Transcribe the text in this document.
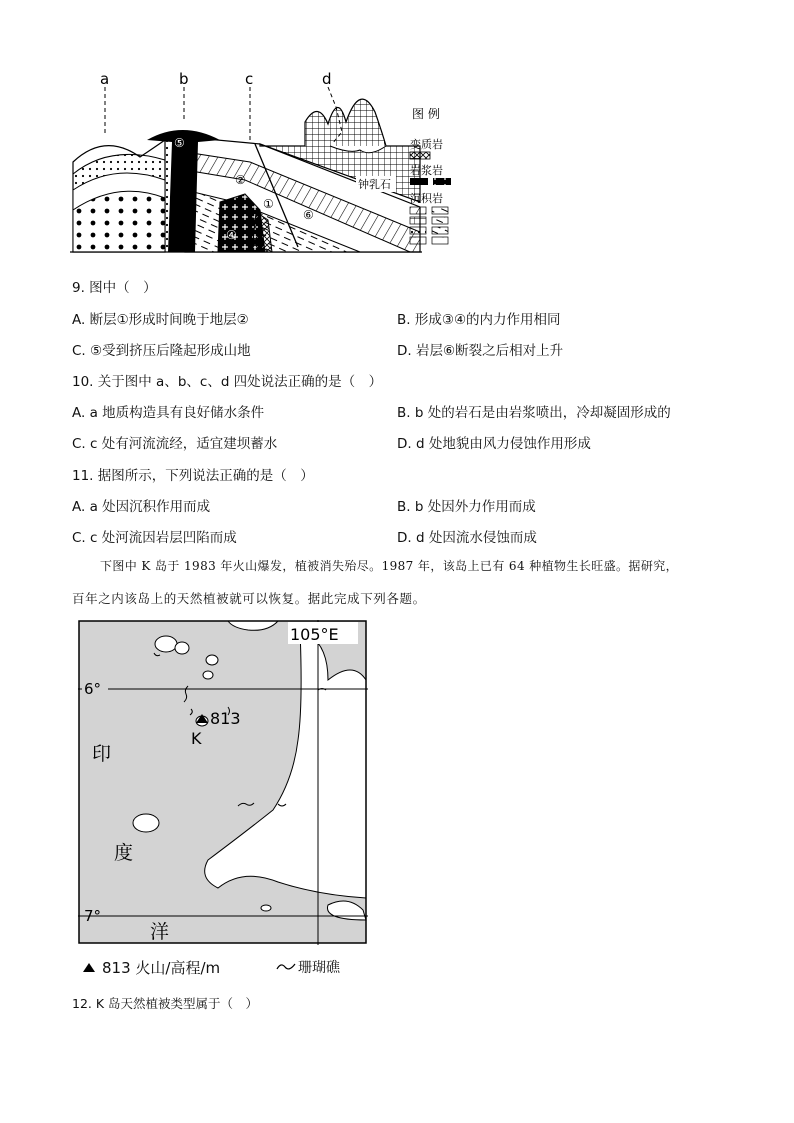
a	b	c	d
⑤
②
①
⑥
③
④
钟乳石
图 例
变质岩
岩浆岩
沉积岩
9. 图中（　）
A. 断层①形成时间晚于地层②	B. 形成③④的内力作用相同
C. ⑤受到挤压后隆起形成山地	D. 岩层⑥断裂之后相对上升
10. 关于图中 a、b、c、d 四处说法正确的是（　）
A. a 地质构造具有良好储水条件	B. b 处的岩石是由岩浆喷出，冷却凝固形成的
C. c 处有河流流经，适宜建坝蓄水	D. d 处地貌由风力侵蚀作用形成
11. 据图所示，下列说法正确的是（　）
A. a 处因沉积作用而成	B. b 处因外力作用而成
C. c 处河流因岩层凹陷而成	D. d 处因流水侵蚀而成
下图中 K 岛于 1983 年火山爆发，植被消失殆尽。1987 年，该岛上已有 64 种植物生长旺盛。据研究，
百年之内该岛上的天然植被就可以恢复。据此完成下列各题。
105°E
6°
7°
813
K
印
度
洋
813 火山/高程/m	珊瑚礁
12. K 岛天然植被类型属于（　）
